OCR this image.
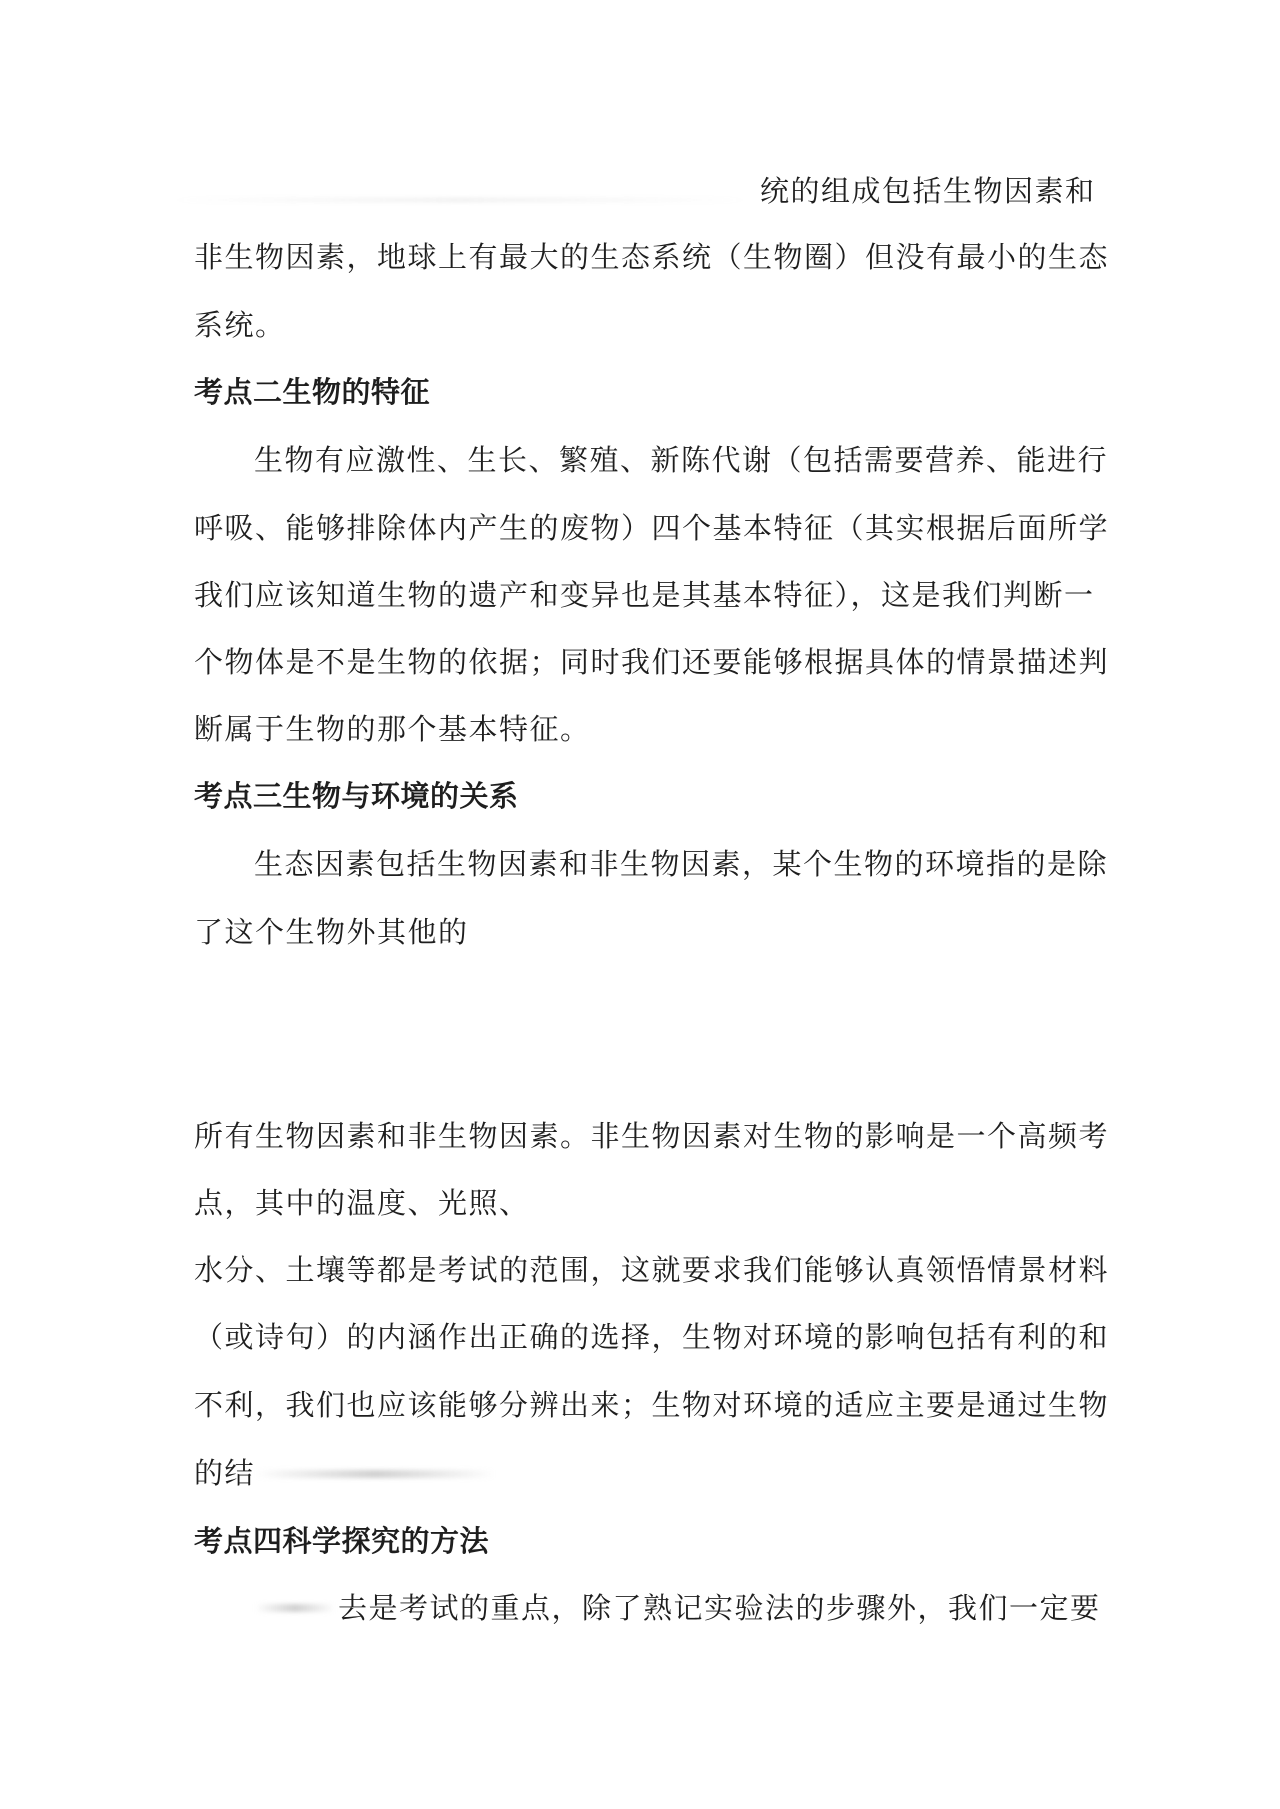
统的组成包括生物因素和
非生物因素，地球上有最大的生态系统（生物圈）但没有最小的生态
系统。
考点二生物的特征
生物有应激性、生长、繁殖、新陈代谢（包括需要营养、能进行
呼吸、能够排除体内产生的废物）四个基本特征（其实根据后面所学
我们应该知道生物的遗产和变异也是其基本特征），这是我们判断一
个物体是不是生物的依据；同时我们还要能够根据具体的情景描述判
断属于生物的那个基本特征。
考点三生物与环境的关系
生态因素包括生物因素和非生物因素，某个生物的环境指的是除
了这个生物外其他的
所有生物因素和非生物因素。非生物因素对生物的影响是一个高频考
点，其中的温度、光照、
水分、土壤等都是考试的范围，这就要求我们能够认真领悟情景材料
（或诗句）的内涵作出正确的选择，生物对环境的影响包括有利的和
不利，我们也应该能够分辨出来；生物对环境的适应主要是通过生物
的结
考点四科学探究的方法
去是考试的重点，除了熟记实验法的步骤外，我们一定要
